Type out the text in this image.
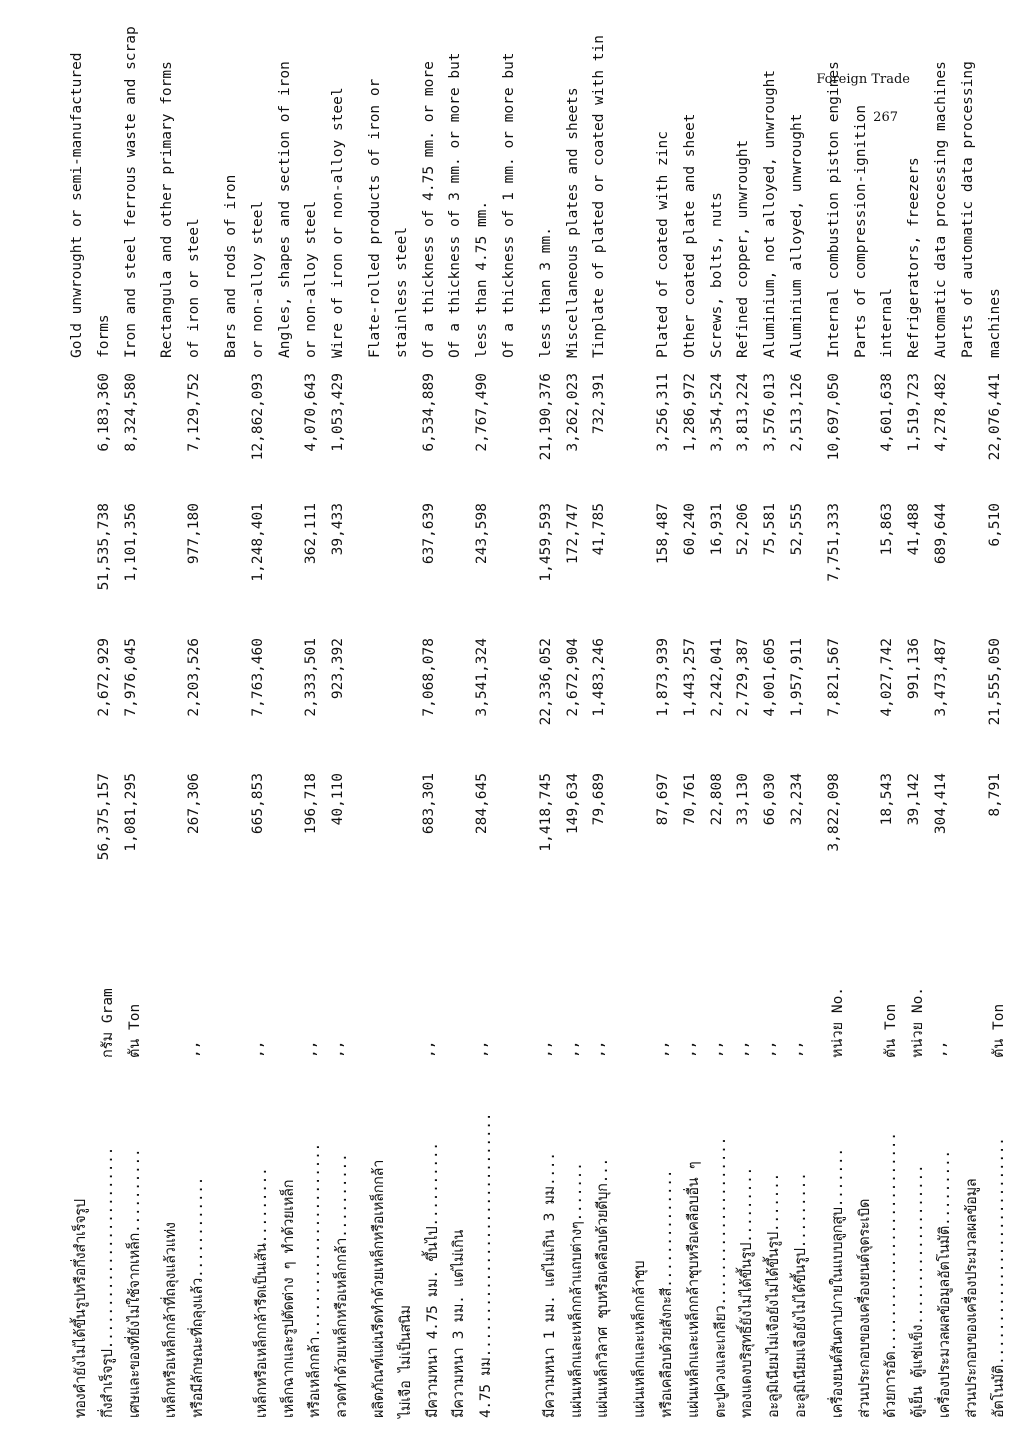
Foreign Trade
267
ทองคำยังไม่ได้ขึ้นรูปหรือกึ่งสำเร็จรูป
Gold unwrought or semi-manufactured
กึ่งสำเร็จรูป........................
กรัม Gram
56,375,157
2,672,929
51,535,738
6,183,360
forms
เศษและของที่ยังไม่ใช้จากเหล็ก..........
ตัน Ton
1,081,295
7,976,045
1,101,356
8,324,580
Iron and steel ferrous waste and scrap
เหล็กหรือเหล็กกล้าที่ถลุงแล้วแท่ง
Rectangula and other primary forms
หรือมีลักษณะที่ถลุงแล้ว............
,,
267,306
2,203,526
977,180
7,129,752
of iron or steel Bars and rods of iron
เหล็กหรือเหล็กกล้ารีดเป็นเส้น.........
,,
665,853
7,763,460
1,248,401
12,862,093
or non-alloy steel
เหล็กฉากและรูปตัดต่าง ๆ ทำด้วยเหล็ก
Angles, shapes and section of iron
หรือเหล็กกล้า.......................
,,
196,718
2,333,501
362,111
4,070,643
or non-alloy steel
ลวดทำด้วยเหล็กหรือเหล็กกล้า..........
,,
40,110
923,392
39,433
1,053,429
Wire of iron or non-alloy steel
ผลิตภัณฑ์แผ่นรีดทำด้วยเหล็กหรือเหล็กกล้า
Flate-rolled products of iron or
ไม่เจือ ไม่เป็นสนิม
stainless steel
มีความหนา 4.75 มม. ขึ้นไป..........
,,
683,301
7,068,078
637,639
6,534,889
Of a thickness of 4.75 mm. or more
มีความหนา 3 มม. แต่ไม่เกิน
Of a thickness of 3 mm. or more but
4.75 มม.............................
,,
284,645
3,541,324
243,598
2,767,490
less than 4.75 mm. Of a thickness of 1 mm. or more but
มีความหนา 1 มม. แต่ไม่เกิน 3 มม....
,,
1,418,745
22,336,052
1,459,593
21,190,376
less than 3 mm.
แผ่นเหล็กและเหล็กกล้าแถบต่างๆ.......
,,
149,634
2,672,904
172,747
3,262,023
Miscellaneous plates and sheets
แผ่นเหล็กวิลาศ ชุบหรือเคลือบด้วยดีบุก...
,,
79,689
1,483,246
41,785
732,391
Tinplate of plated or coated with tin
แผ่นเหล็กและเหล็กกล้าชุบ หรือเคลือบด้วยสังกะสี..............
,,
87,697
1,873,939
158,487
3,256,311
Plated of coated with zinc
แผ่นเหล็กและเหล็กกล้าชุบหรือเคลือบอื่น ๆ
,,
70,761
1,443,257
60,240
1,286,972
Other coated plate and sheet
ตะปูควงและเกลียว....................
,,
22,808
2,242,041
16,931
3,354,524
Screws, bolts, nuts
ทองแดงบริสุทธิ์ยังไม่ได้ขึ้นรูป.........
,,
33,130
2,729,387
52,206
3,813,224
Refined copper, unwrought
อะลูมิเนียมไม่เจือยังไม่ได้ขึ้นรูป.......
,,
66,030
4,001,605
75,581
3,576,013
Aluminium, not alloyed, unwrought
อะลูมิเนียมเจือยังไม่ได้ขึ้นรูป.........
,,
32,234
1,957,911
52,555
2,513,126
Aluminium alloyed, unwrought
เครื่องยนต์สันดาปภายในแบบลูกสูบ.......
หน่วย No.
3,822,098
7,821,567
7,751,333
10,697,050
Internal combustion piston engines
ส่วนประกอบของเครื่องยนต์จุดระเบิด
Parts of compression-ignition
ด้วยการอัด..........................
ตัน Ton
18,543
4,027,742
15,863
4,601,638
internal
ตู้เย็น ตู้แช่แข็ง...................
หน่วย No.
39,142
991,136
41,488
1,519,723
Refrigerators, freezers
เครื่องประมวลผลข้อมูลอัตโนมัติ.........
,,
304,414
3,473,487
689,644
4,278,482
Automatic data processing machines
ส่วนประกอบของเครื่องประมวลผลข้อมูล
Parts of automatic data processing
อัตโนมัติ...........................
ตัน Ton
8,791
21,555,050
6,510
22,076,441
machines
